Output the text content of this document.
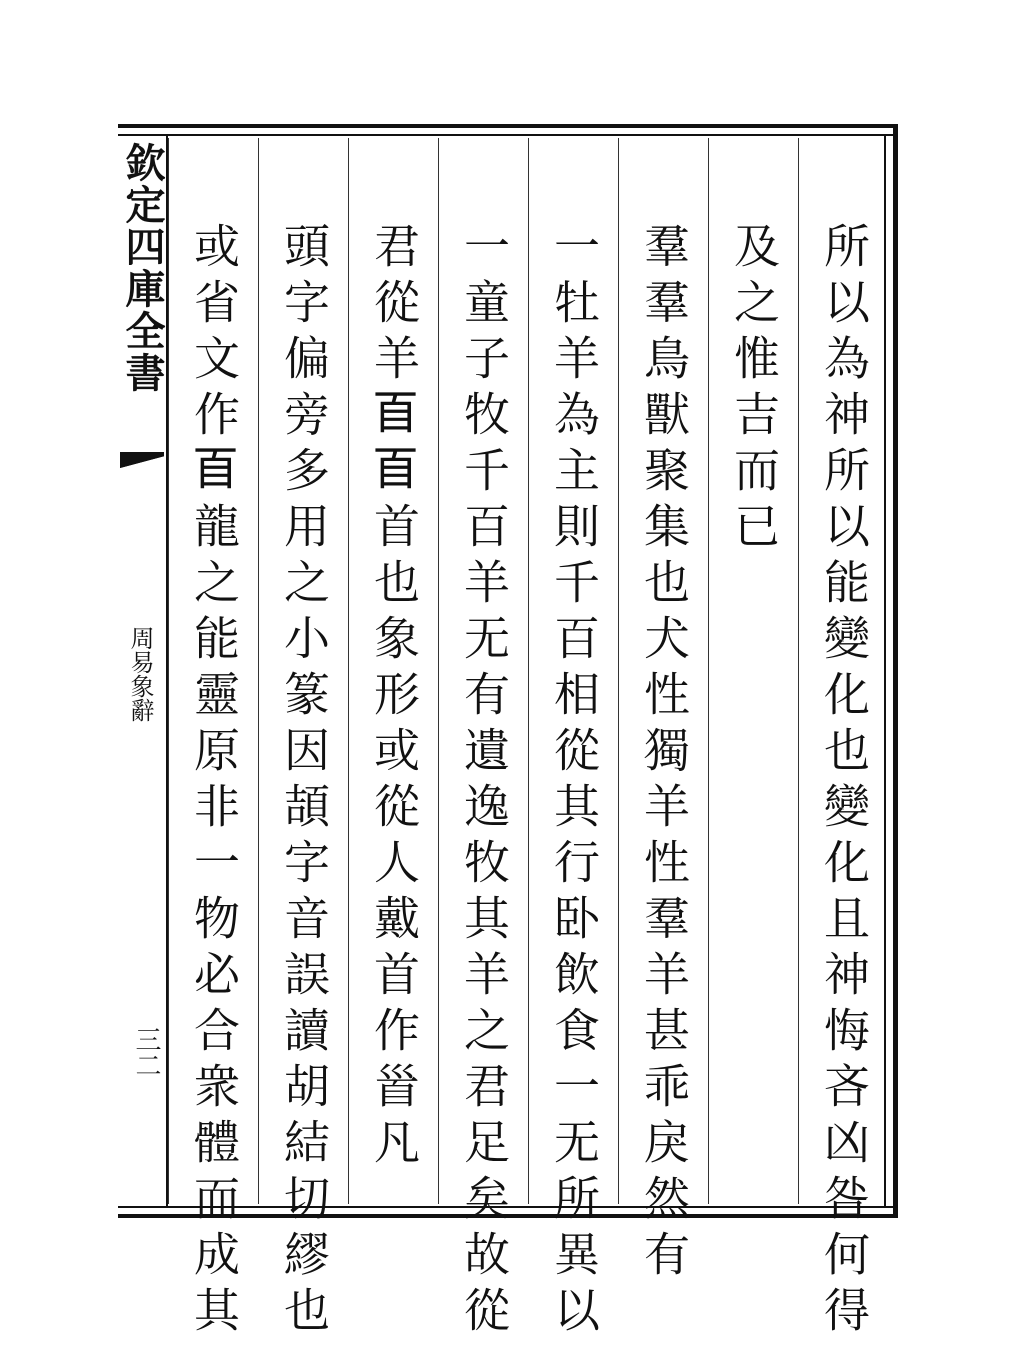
欽定四庫全書
周易象辭
三二	所以為神所以能變化也變化且神悔吝凶咎何得
及之惟吉而已
羣羣鳥獸聚集也犬性獨羊性羣羊甚乖戾然有
一牡羊為主則千百相從其行卧飲食一无所異以
一童子牧千百羊无有遺逸牧其羊之君足矣故從
君從羊𦣻𦣻首也象形或從人戴首作𩠐凡
頭字偏旁多用之小篆因頡字音誤讀胡結切繆也
或省文作𦣻龍之能靈原非一物必合衆體而成其
